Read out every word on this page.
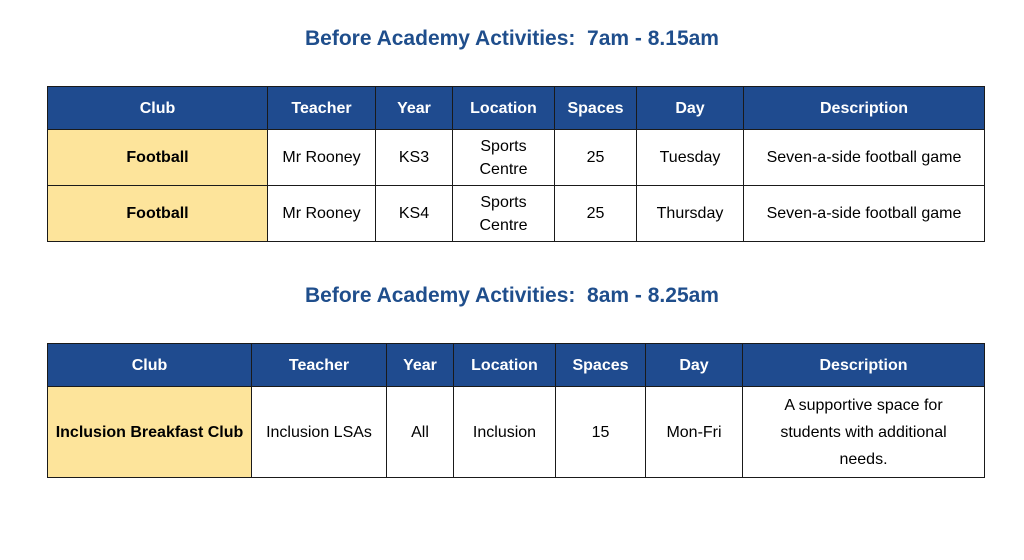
Before Academy Activities:  7am - 8.15am
Club	Teacher	Year	Location	Spaces	Day	Description
Football	Mr Rooney	KS3	Sports Centre	25	Tuesday	Seven-a-side football game
Football	Mr Rooney	KS4	Sports Centre	25	Thursday	Seven-a-side football game
Before Academy Activities:  8am - 8.25am
Club	Teacher	Year	Location	Spaces	Day	Description
Inclusion Breakfast Club	Inclusion LSAs	All	Inclusion	15	Mon-Fri	A supportive space for students with additional needs.
